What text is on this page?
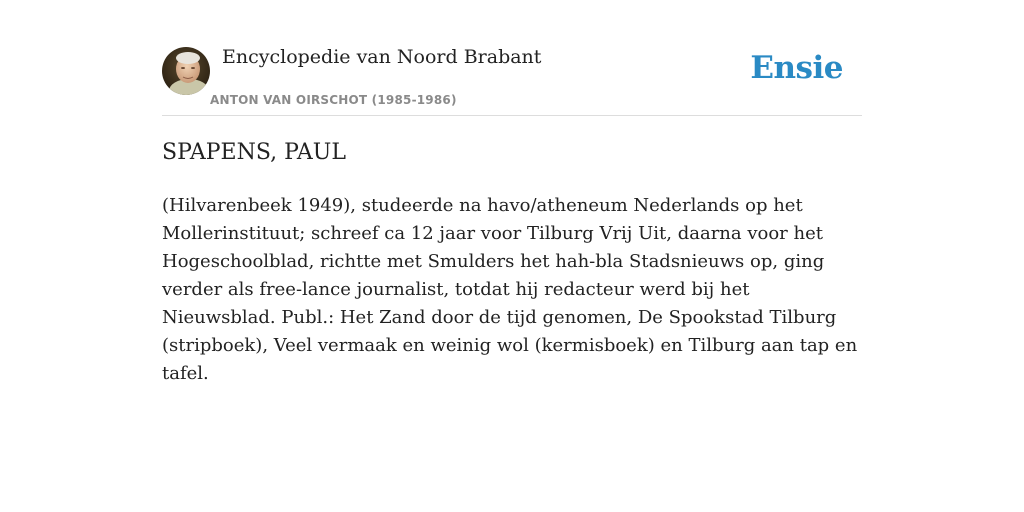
Encyclopedie van Noord Brabant
ANTON VAN OIRSCHOT (1985-1986)
Ensie
SPAPENS, PAUL

(Hilvarenbeek 1949), studeerde na havo/atheneum Nederlands op het Mollerinstituut; schreef ca 12 jaar voor Tilburg Vrij Uit, daarna voor het Hogeschoolblad, richtte met Smulders het hah-bla Stadsnieuws op, ging verder als free-lance journalist, totdat hij redacteur werd bij het Nieuwsblad. Publ.: Het Zand door de tijd genomen, De Spookstad Tilburg (stripboek), Veel vermaak en weinig wol (kermisboek) en Tilburg aan tap en tafel.
